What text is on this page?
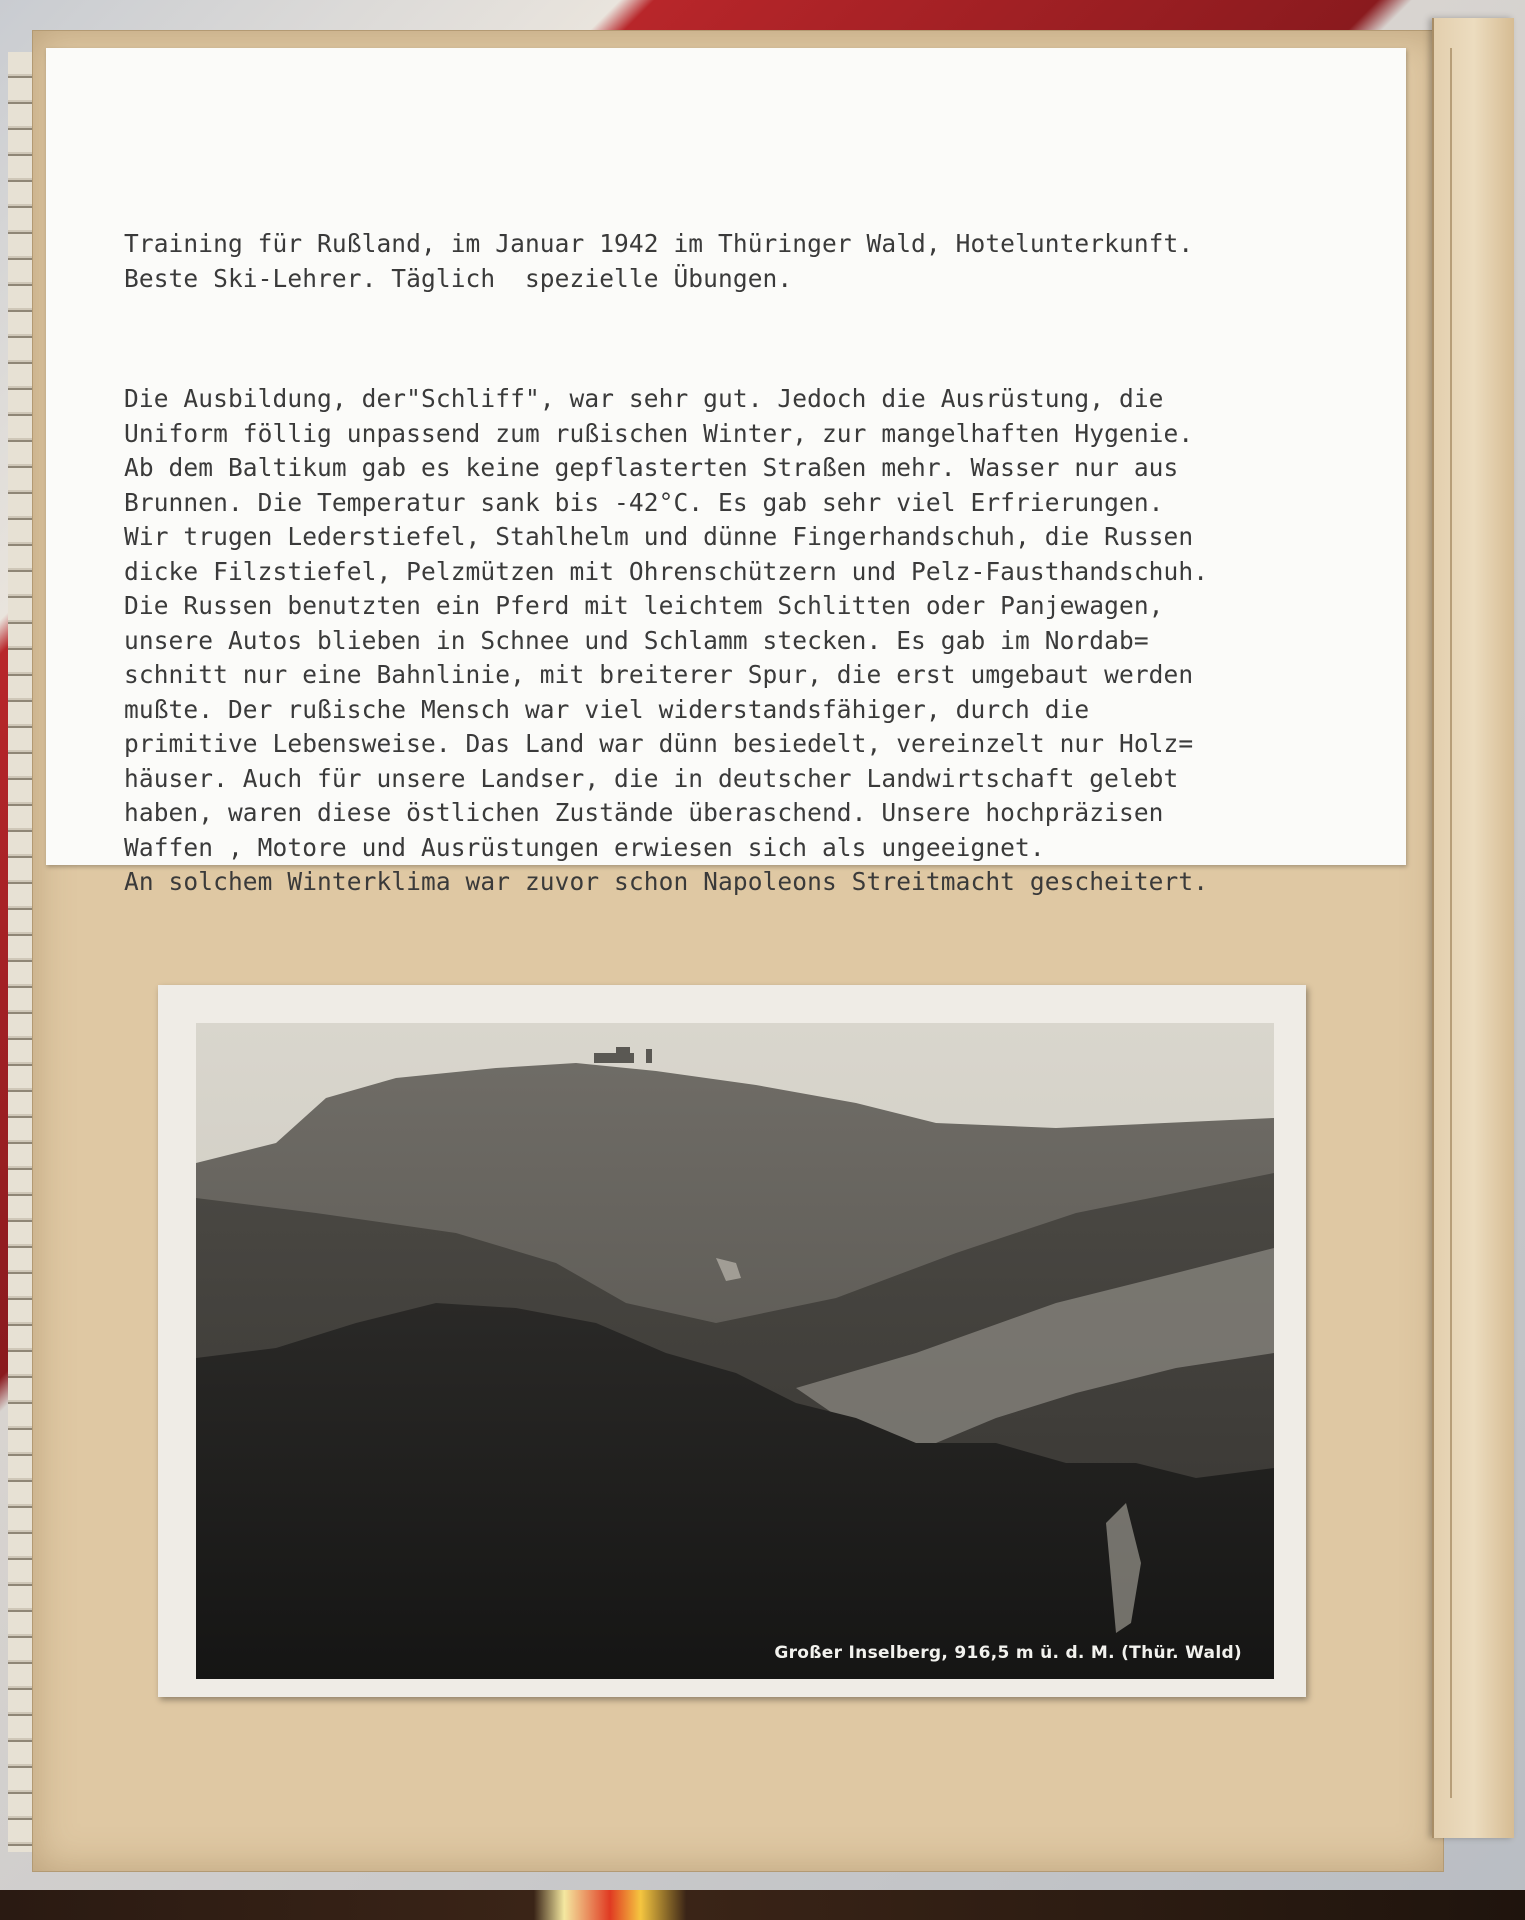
Training für Rußland, im Januar 1942 im Thüringer Wald, Hotelunterkunft.
Beste Ski-Lehrer. Täglich  spezielle Übungen.

Die Ausbildung, der"Schliff", war sehr gut. Jedoch die Ausrüstung, die
Uniform föllig unpassend zum rußischen Winter, zur mangelhaften Hygenie.
Ab dem Baltikum gab es keine gepflasterten Straßen mehr. Wasser nur aus
Brunnen. Die Temperatur sank bis -42°C. Es gab sehr viel Erfrierungen.
Wir trugen Lederstiefel, Stahlhelm und dünne Fingerhandschuh, die Russen
dicke Filzstiefel, Pelzmützen mit Ohrenschützern und Pelz-Fausthandschuh.
Die Russen benutzten ein Pferd mit leichtem Schlitten oder Panjewagen,
unsere Autos blieben in Schnee und Schlamm stecken. Es gab im Nordab=
schnitt nur eine Bahnlinie, mit breiterer Spur, die erst umgebaut werden
mußte. Der rußische Mensch war viel widerstandsfähiger, durch die
primitive Lebensweise. Das Land war dünn besiedelt, vereinzelt nur Holz=
häuser. Auch für unsere Landser, die in deutscher Landwirtschaft gelebt
haben, waren diese östlichen Zustände überaschend. Unsere hochpräzisen
Waffen , Motore und Ausrüstungen erwiesen sich als ungeeignet.
An solchem Winterklima war zuvor schon Napoleons Streitmacht gescheitert.

Großer Inselberg, 916,5 m ü. d. M. (Thür. Wald)
